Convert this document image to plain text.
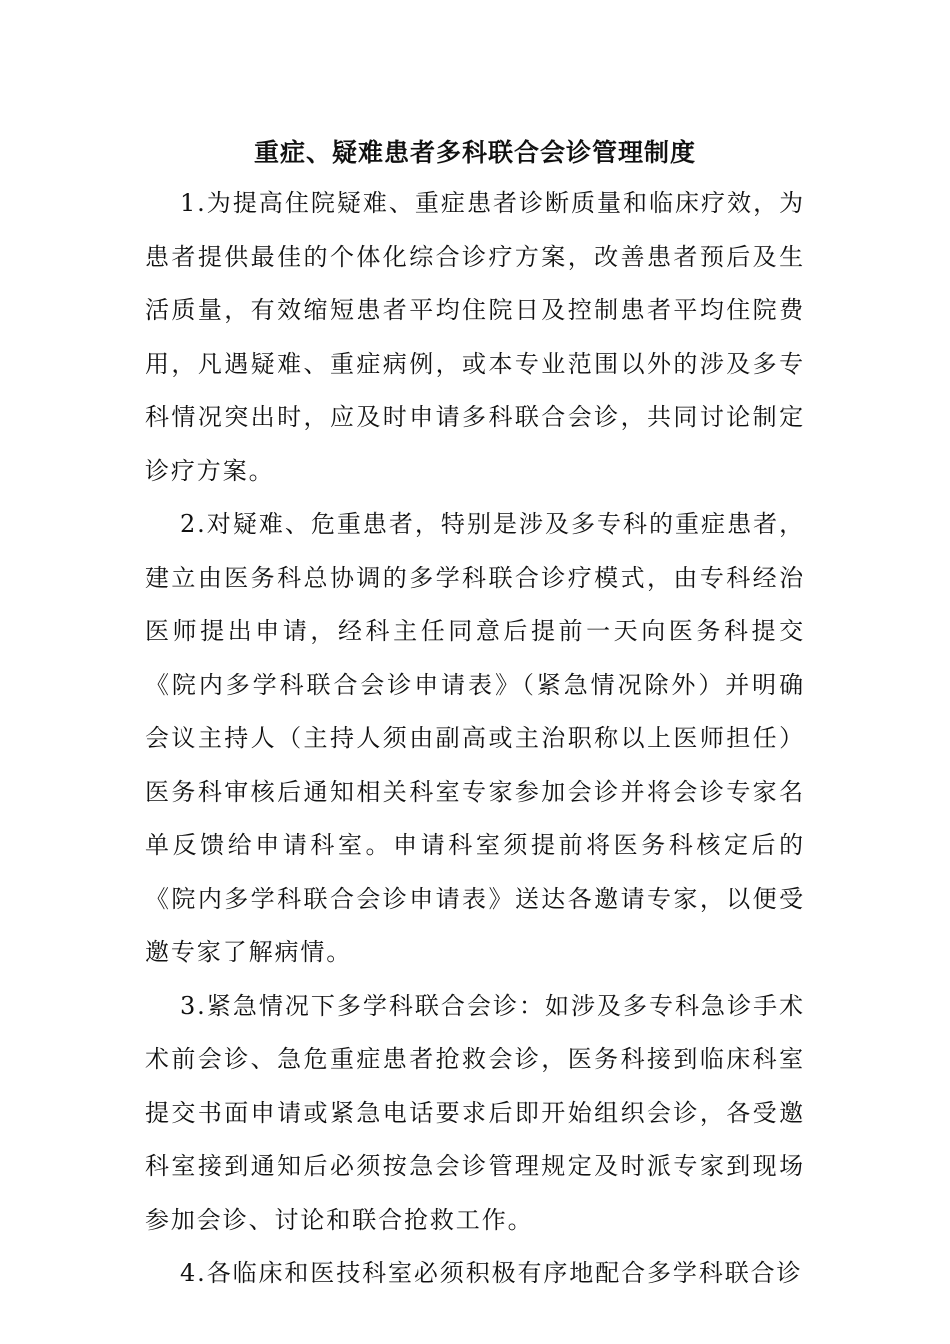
重症、疑难患者多科联合会诊管理制度

1.为提高住院疑难、重症患者诊断质量和临床疗效，为患者提供最佳的个体化综合诊疗方案，改善患者预后及生活质量，有效缩短患者平均住院日及控制患者平均住院费用，凡遇疑难、重症病例，或本专业范围以外的涉及多专科情况突出时，应及时申请多科联合会诊，共同讨论制定诊疗方案。

2.对疑难、危重患者，特别是涉及多专科的重症患者，建立由医务科总协调的多学科联合诊疗模式，由专科经治医师提出申请，经科主任同意后提前一天向医务科提交《院内多学科联合会诊申请表》（紧急情况除外）并明确会议主持人（主持人须由副高或主治职称以上医师担任）医务科审核后通知相关科室专家参加会诊并将会诊专家名单反馈给申请科室。申请科室须提前将医务科核定后的《院内多学科联合会诊申请表》送达各邀请专家，以便受邀专家了解病情。

3.紧急情况下多学科联合会诊：如涉及多专科急诊手术术前会诊、急危重症患者抢救会诊，医务科接到临床科室提交书面申请或紧急电话要求后即开始组织会诊，各受邀科室接到通知后必须按急会诊管理规定及时派专家到现场参加会诊、讨论和联合抢救工作。

4.各临床和医技科室必须积极有序地配合多学科联合诊
